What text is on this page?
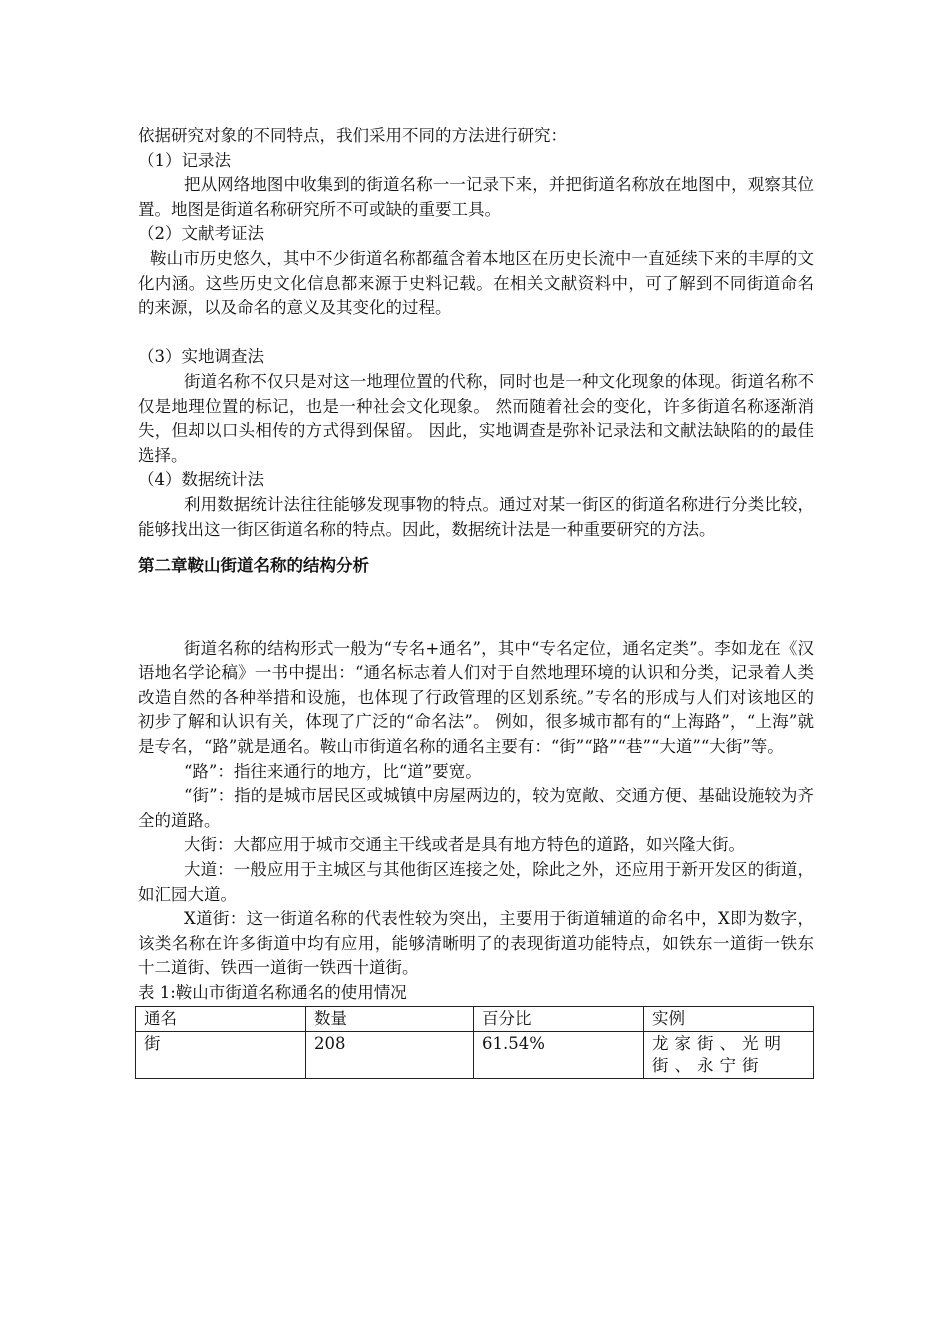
依据研究对象的不同特点，我们采用不同的方法进行研究：

（1）记录法

把从网络地图中收集到的街道名称一一记录下来，并把街道名称放在地图中，观察其位置。地图是街道名称研究所不可或缺的重要工具。

（2）文献考证法

鞍山市历史悠久，其中不少街道名称都蕴含着本地区在历史长流中一直延续下来的丰厚的文化内涵。这些历史文化信息都来源于史料记载。在相关文献资料中，可了解到不同街道命名的来源，以及命名的意义及其变化的过程。

（3）实地调查法

街道名称不仅只是对这一地理位置的代称，同时也是一种文化现象的体现。街道名称不仅是地理位置的标记，也是一种社会文化现象。 然而随着社会的变化，许多街道名称逐渐消失，但却以口头相传的方式得到保留。 因此，实地调查是弥补记录法和文献法缺陷的的最佳选择。

（4）数据统计法

利用数据统计法往往能够发现事物的特点。通过对某一街区的街道名称进行分类比较，能够找出这一街区街道名称的特点。因此，数据统计法是一种重要研究的方法。

第二章鞍山街道名称的结构分析

街道名称的结构形式一般为“专名+通名”，其中“专名定位，通名定类”。李如龙在《汉语地名学论稿》一书中提出：“通名标志着人们对于自然地理环境的认识和分类，记录着人类改造自然的各种举措和设施，也体现了行政管理的区划系统。”专名的形成与人们对该地区的初步了解和认识有关，体现了广泛的“命名法”。 例如，很多城市都有的“上海路”，“上海”就是专名，“路”就是通名。鞍山市街道名称的通名主要有：“街”“路”“巷”“大道”“大街”等。

“路”：指往来通行的地方，比“道”要宽。

“街”：指的是城市居民区或城镇中房屋两边的，较为宽敞、交通方便、基础设施较为齐全的道路。

大街：大都应用于城市交通主干线或者是具有地方特色的道路，如兴隆大街。

大道：一般应用于主城区与其他街区连接之处，除此之外，还应用于新开发区的街道，如汇园大道。

X道街：这一街道名称的代表性较为突出，主要用于街道辅道的命名中，X即为数字，该类名称在许多街道中均有应用，能够清晰明了的表现街道功能特点，如铁东一道街一铁东十二道街、铁西一道街一铁西十道街。

表 1:鞍山市街道名称通名的使用情况

通名	数量	百分比	实例
街	208	61.54%	龙家街、光明街、永宁街
